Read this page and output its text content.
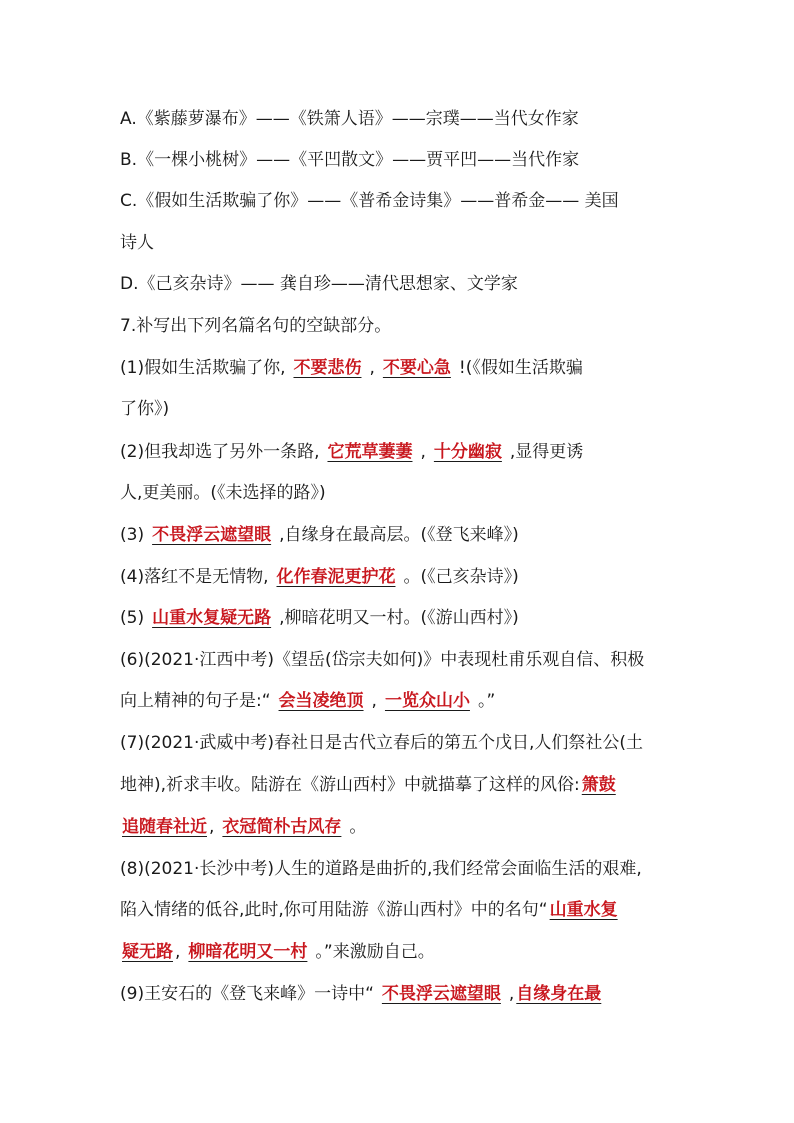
A.《紫藤萝瀑布》——《铁箫人语》——宗璞——当代女作家
B.《一棵小桃树》——《平凹散文》——贾平凹——当代作家
C.《假如生活欺骗了你》——《普希金诗集》——普希金—— 美国
诗人
D.《己亥杂诗》—— 龚自珍——清代思想家、文学家
7.补写出下列名篇名句的空缺部分。
(1)假如生活欺骗了你, 不要悲伤 , 不要心急 !(《假如生活欺骗
了你》)
(2)但我却选了另外一条路, 它荒草萋萋 , 十分幽寂 ,显得更诱
人,更美丽。(《未选择的路》)
(3) 不畏浮云遮望眼 ,自缘身在最高层。(《登飞来峰》)
(4)落红不是无情物, 化作春泥更护花 。(《己亥杂诗》)
(5) 山重水复疑无路 ,柳暗花明又一村。(《游山西村》)
(6)(2021·江西中考)《望岳(岱宗夫如何)》中表现杜甫乐观自信、积极
向上精神的句子是:“ 会当凌绝顶 , 一览众山小 。”
(7)(2021·武威中考)春社日是古代立春后的第五个戊日,人们祭社公(土
地神),祈求丰收。陆游在《游山西村》中就描摹了这样的风俗: 箫鼓
追随春社近 , 衣冠简朴古风存 。
(8)(2021·长沙中考)人生的道路是曲折的,我们经常会面临生活的艰难,
陷入情绪的低谷,此时,你可用陆游《游山西村》中的名句“ 山重水复
疑无路 , 柳暗花明又一村 。”来激励自己。
(9)王安石的《登飞来峰》一诗中“ 不畏浮云遮望眼 , 自缘身在最
